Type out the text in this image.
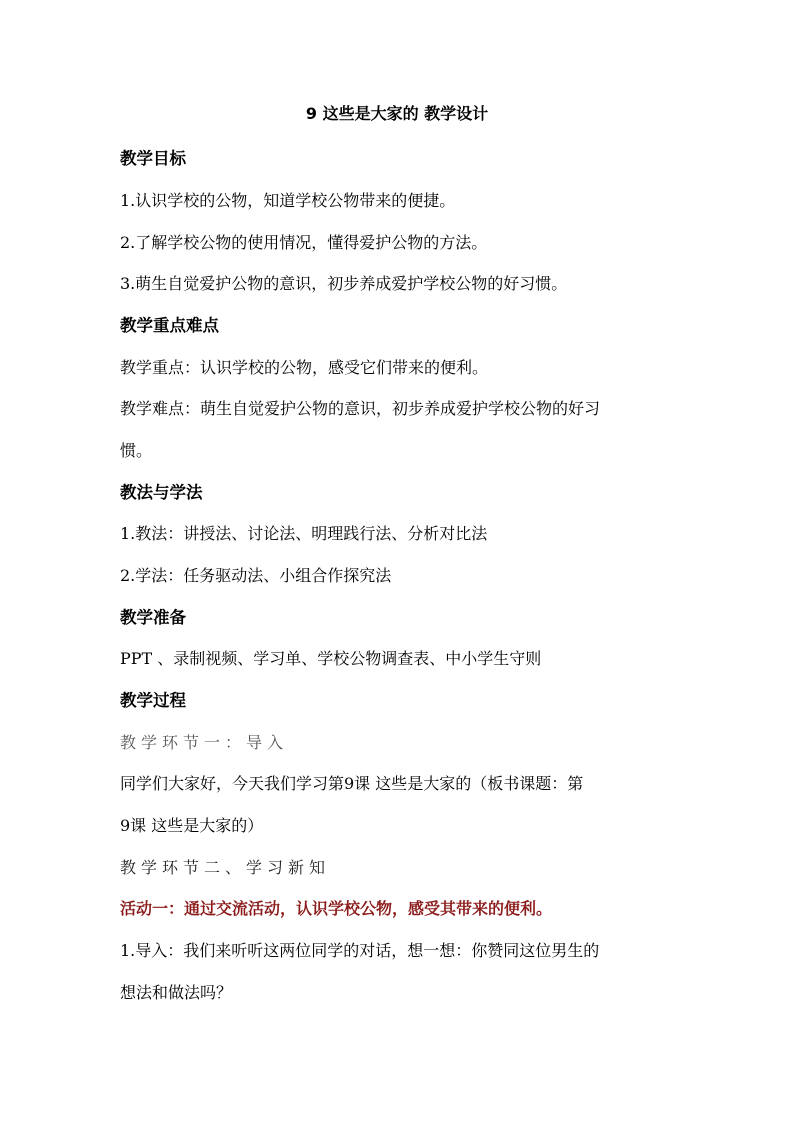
9 这些是大家的 教学设计
教学目标
1.认识学校的公物，知道学校公物带来的便捷。
2.了解学校公物的使用情况，懂得爱护公物的方法。
3.萌生自觉爱护公物的意识，初步养成爱护学校公物的好习惯。
教学重点难点
教学重点：认识学校的公物，感受它们带来的便利。
教学难点：萌生自觉爱护公物的意识，初步养成爱护学校公物的好习
惯。
教法与学法
1.教法：讲授法、讨论法、明理践行法、分析对比法
2.学法：任务驱动法、小组合作探究法
教学准备
PPT 、录制视频、学习单、学校公物调查表、中小学生守则
教学过程
教学环节一：导入
同学们大家好，今天我们学习第9课 这些是大家的（板书课题：第
9课 这些是大家的）
教学环节二、学习新知
活动一：通过交流活动，认识学校公物，感受其带来的便利。
1.导入：我们来听听这两位同学的对话，想一想：你赞同这位男生的
想法和做法吗？
